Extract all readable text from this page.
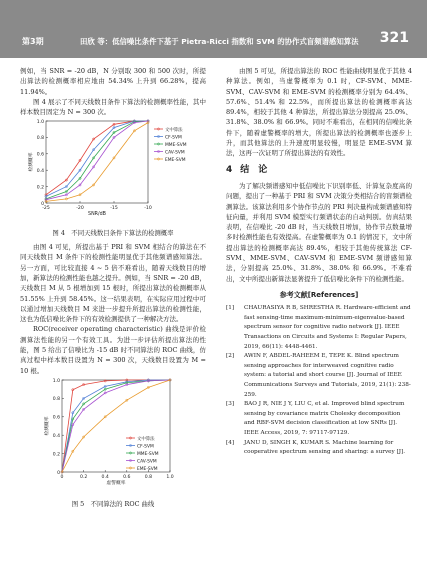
第3期	田欣 等：低信噪比条件下基于 Pietra-Ricci 指数和 SVM 的协作式盲频谱感知算法 321

例如，当 SNR = -20 dB，N 分别取 300 和 500 次时，所提出算法的检测概率相应地由 54.34% 上升到 66.28%，提高 11.94%。

图 4 展示了不同天线数目条件下算法的检测概率性能，其中样本数目固定为 N = 300 次。

0
0.2
0.4
0.6
0.8
1.0
-25	-20	-15	-10
SNR/dB
检测概率
文中算法
CF-SVM
MME-SVM
CAV-SVM
EME-SVM
图 4　不同天线数目条件下算法的检测概率

由图 4 可见，所提出基于 PRI 和 SVM 相结合的算法在不同天线数目 M 条件下的检测性能明显优于其他频谱感知算法。另一方面，可比较直接 4 ~ 5 倍不难看出，随着天线数目的增加，新算法的检测性能也越之提升。例如，当 SNR = -20 dB，天线数目 M 从 5 根增加到 15 根时，所提出算法的检测概率从 51.55% 上升到 58.45%。这一结果表明，在实际应用过程中可以通过增加天线数目 M 来进一步提升所提出算法的检测性能，这也为低信噪比条件下的有效检测提供了一种解决方法。

ROC(receiver operating characteristic) 曲线是评价检测算法性能的另一个有效工具。为进一步评估所提出算法的性能，图 5 给出了信噪比为 -15 dB 时不同算法的 ROC 曲线，仿真过程中样本数目设置为 N = 300 次，天线数目设置为 M = 10 根。

0
0.2
0.4
0.6
0.8
1.0
0	0.2	0.4	0.6	0.8	1.0
虚警概率
检测概率
文中算法
CF-SVM
MME-SVM
CAV-SVM
EME-SVM
图 5　不同算法的 ROC 曲线

由图 5 可见，所提出算法的 ROC 性能曲线明显优于其他 4 种算法。例如，当虚警概率为 0.1 时，CF-SVM、MME-SVM、CAV-SVM 和 EME-SVM 的检测概率分别为 64.4%、57.6%、51.4% 和 22.5%，而所提出算法的检测概率高达 89.4%，相较于其他 4 种算法，所提出算法分别提高 25.0%、31.8%、38.0% 和 66.9%。同时不难看出，在相同的信噪比条件下，随着虚警概率的增大，所提出算法的检测概率也逐步上升，而其他算法的上升速度明显较慢，明显是 EME-SVM 算法，这再一次证明了所提出算法的有效性。

4 结　论

为了解决频谱感知中低信噪比下识别率低、计算复杂度高的问题，提出了一种基于 PRI 和 SVM 决策分类相结合的盲频谱检测算法。该算法利用多个协作节点的 PRI 判决量构成频谱感知特征向量，并利用 SVM 模型实行频谱状态的自动判别。仿真结果表明，在信噪比 -20 dB 时，当天线数目增加，协作节点数量增多时检测性能也有效提高。在虚警概率为 0.1 的情况下，文中所提出算法的检测概率高达 89.4%，相较于其他传统算法 CF-SVM、MME-SVM、CAV-SVM 和 EME-SVM 频谱感知算法，分别提高 25.0%、31.8%、38.0% 和 66.9%。不难看出，文中所提出新算法显著提升了低信噪比条件下的检测性能。

参考文献[References]
[1]	CHAURASIYA R B, SHRESTHA R. Hardware-efficient and fast sensing-time maximum-minimum-eigenvalue-based spectrum sensor for cognitive radio network [J]. IEEE Transactions on Circuits and Systems I: Regular Papers, 2019, 66(11): 4448-4461.
[2]	AWIN F, ABDEL-RAHEEM E, TEPE K. Blind spectrum sensing approaches for interweaved cognitive radio system: a tutorial and short course [J]. Journal of IEEE Communications Surveys and Tutorials, 2019, 21(1): 238-259.
[3]	BAO J R, NIE J Y, LIU C, et al. Improved blind spectrum sensing by covariance matrix Cholesky decomposition and RBF-SVM decision classification at low SNRs [J]. IEEE Access, 2019, 7: 97117-97129.
[4]	JANU D, SINGH K, KUMAR S. Machine learning for cooperative spectrum sensing and sharing: a survey [J].
